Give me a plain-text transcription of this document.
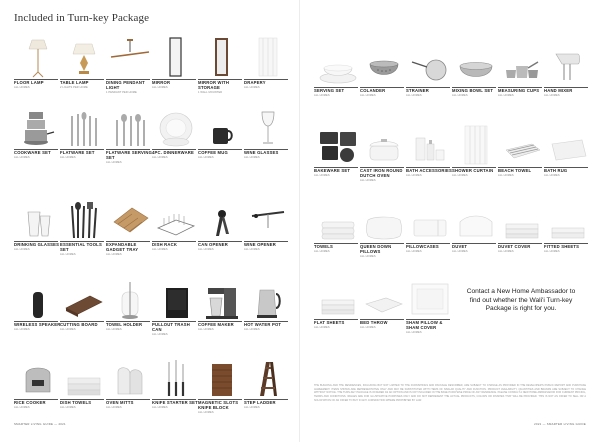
Included in Turn-key Package
FLOOR LAMP
ALL HOMES
TABLE LAMP
2 LIGHTS PER HOME
DINING PENDANT LIGHT
1 PENDANT PER HOME
MIRROR
ALL HOMES
MIRROR WITH STORAGE
1 WALL MOUNTED
DRAPERY
ALL HOMES
COOKWARE SET
ALL HOMES
FLATWARE SET
ALL HOMES
FLATWARE SERVING SET
ALL HOMES
4PC. DINNERWARE
ALL HOMES
COFFEE MUG
ALL HOMES
WINE GLASSES
ALL HOMES
DRINKING GLASSES
ALL HOMES
ESSENTIAL TOOLS SET
ALL HOMES
EXPANDABLE GADGET TRAY
ALL HOMES
DISH RACK
ALL HOMES
CAN OPENER
ALL HOMES
WINE OPENER
ALL HOMES
WIRELESS SPEAKER
ALL HOMES
CUTTING BOARD
ALL HOMES
TOWEL HOLDER
ALL HOMES
PULLOUT TRASH CAN
ALL HOMES
COFFEE MAKER
ALL HOMES
HOT WATER POT
ALL HOMES
RICE COOKER
ALL HOMES
DISH TOWELS
ALL HOMES
OVEN MITTS
ALL HOMES
KNIFE STARTER SET
ALL HOMES
MAGNETIC SLOTS KNIFE BLOCK
ALL HOMES
STEP LADDER
ALL HOMES
SERVING SET
ALL HOMES
COLANDER
ALL HOMES
STRAINER
ALL HOMES
MIXING BOWL SET
ALL HOMES
MEASURING CUPS
ALL HOMES
HAND MIXER
ALL HOMES
BAKEWARE SET
ALL HOMES
CAST IRON ROUND DUTCH OVEN
ALL HOMES
BATH ACCESSORIES
ALL HOMES
SHOWER CURTAIN
ALL HOMES
BEACH TOWEL
ALL HOMES
BATH RUG
ALL HOMES
TOWELS
ALL HOMES
QUEEN DOWN PILLOWS
ALL HOMES
PILLOWCASES
ALL HOMES
DUVET
ALL HOMES
DUVET COVER
ALL HOMES
FITTED SHEETS
ALL HOMES
FLAT SHEETS
ALL HOMES
BED THROW
ALL HOMES
SHAM PILLOW & SHAM COVER
ALL HOMES
Contact a New Home Ambassador to find out whether the Wali'i Turn-key Package is right for you.
THE BUILDING AND THE RESIDENCES, INCLUDING BUT NOT LIMITED TO THE FURNISHINGS AND PACKAGE DESCRIBED, ARE SUBJECT TO CHANGE AS PROVIDED IN THE DEVELOPER'S PUBLIC REPORT AND PURCHASE AGREEMENT. ITEMS SHOWN ARE REPRESENTATIVE ONLY AND MAY BE SUBSTITUTED WITH ITEMS OF SIMILAR QUALITY AND FUNCTION. PRODUCT AVAILABILITY, QUANTITIES AND BRANDS ARE SUBJECT TO CHANGE WITHOUT NOTICE. THE TURN-KEY PACKAGE IS OFFERED AS AN OPTION AND IS NOT INCLUDED IN THE BASE PURCHASE PRICE OF ANY RESIDENCE. PLEASE CONSULT A NEW HOME AMBASSADOR FOR CURRENT PRICING, TERMS AND CONDITIONS. IMAGES ARE FOR ILLUSTRATIVE PURPOSES ONLY AND DO NOT REPRESENT THE ACTUAL PRODUCTS, COLORS OR FINISHES THAT WILL BE PROVIDED. THIS IS NOT AN OFFER TO SELL OR A SOLICITATION OF AN OFFER TO BUY IN ANY JURISDICTION WHERE PROHIBITED BY LAW.
SMARTER LIVING GUIDE — 2021	2021 — SMARTER LIVING GUIDE
